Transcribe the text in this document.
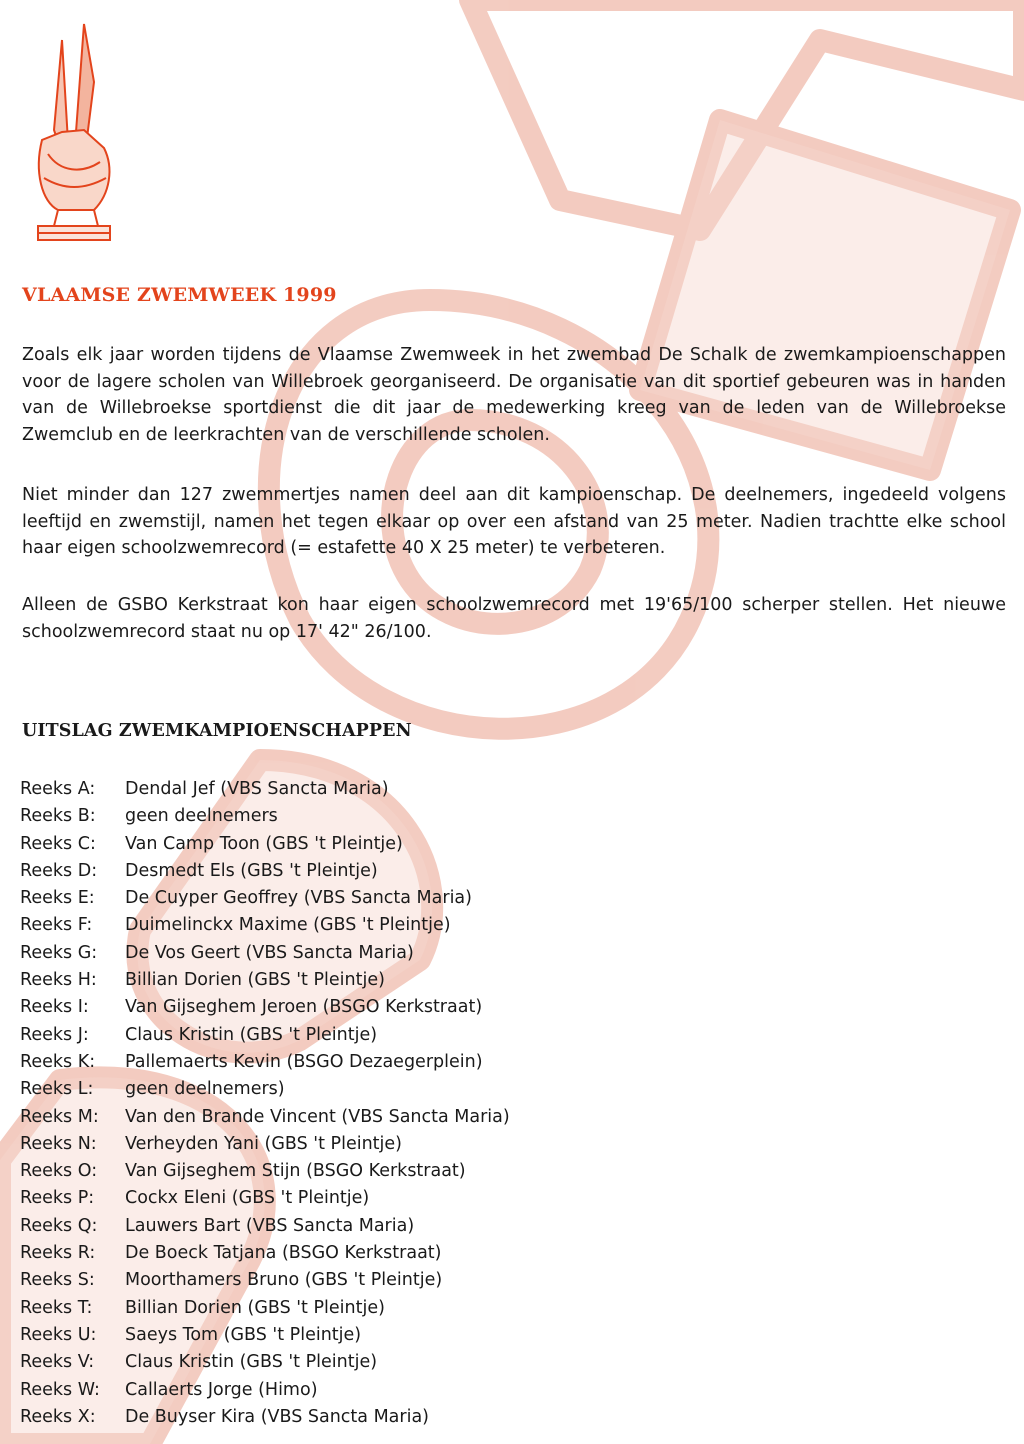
VLAAMSE ZWEMWEEK 1999

Zoals elk jaar worden tijdens de Vlaamse Zwemweek in het zwembad De Schalk de zwemkampioenschappen voor de lagere scholen van Willebroek georganiseerd. De organisatie van dit sportief gebeuren was in handen van de Willebroekse sportdienst die dit jaar de medewerking kreeg van de leden van de Willebroekse Zwemclub en de leerkrachten van de verschillende scholen.

Niet minder dan 127 zwemmertjes namen deel aan dit kampioenschap. De deelnemers, ingedeeld volgens leeftijd en zwemstijl, namen het tegen elkaar op over een afstand van 25 meter. Nadien trachtte elke school haar eigen schoolzwemrecord (= estafette 40 X 25 meter) te verbeteren.

Alleen de GSBO Kerkstraat kon haar eigen schoolzwemrecord met 19'65/100 scherper stellen. Het nieuwe schoolzwemrecord staat nu op 17' 42" 26/100.

UITSLAG ZWEMKAMPIOENSCHAPPEN
Reeks A: Dendal Jef (VBS Sancta Maria)
Reeks B: geen deelnemers
Reeks C: Van Camp Toon (GBS 't Pleintje)
Reeks D: Desmedt Els (GBS 't Pleintje)
Reeks E: De Cuyper Geoffrey (VBS Sancta Maria)
Reeks F: Duimelinckx Maxime (GBS 't Pleintje)
Reeks G: De Vos Geert (VBS Sancta Maria)
Reeks H: Billian Dorien (GBS 't Pleintje)
Reeks I: Van Gijseghem Jeroen (BSGO Kerkstraat)
Reeks J: Claus Kristin (GBS 't Pleintje)
Reeks K: Pallemaerts Kevin (BSGO Dezaegerplein)
Reeks L: geen deelnemers)
Reeks M: Van den Brande Vincent (VBS Sancta Maria)
Reeks N: Verheyden Yani (GBS 't Pleintje)
Reeks O: Van Gijseghem Stijn (BSGO Kerkstraat)
Reeks P: Cockx Eleni (GBS 't Pleintje)
Reeks Q: Lauwers Bart (VBS Sancta Maria)
Reeks R: De Boeck Tatjana (BSGO Kerkstraat)
Reeks S: Moorthamers Bruno (GBS 't Pleintje)
Reeks T: Billian Dorien (GBS 't Pleintje)
Reeks U: Saeys Tom (GBS 't Pleintje)
Reeks V: Claus Kristin (GBS 't Pleintje)
Reeks W: Callaerts Jorge (Himo)
Reeks X: De Buyser Kira (VBS Sancta Maria)
